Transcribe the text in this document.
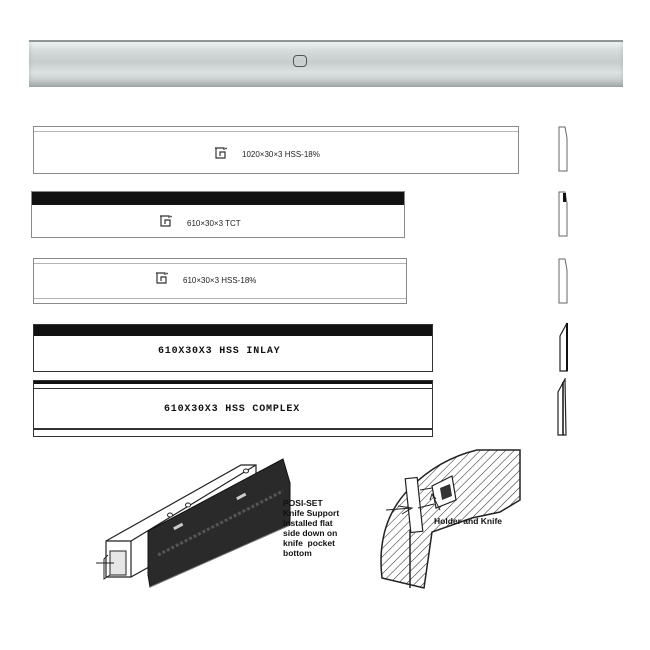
1020×30×3 HSS-18%
610×30×3 TCT
610×30×3 HSS-18%
610X30X3 HSS INLAY
610X30X3 HSS COMPLEX
POSI-SET
Knife Support
installed flat
side down on
knife  pocket
bottom
Holder and Knife
